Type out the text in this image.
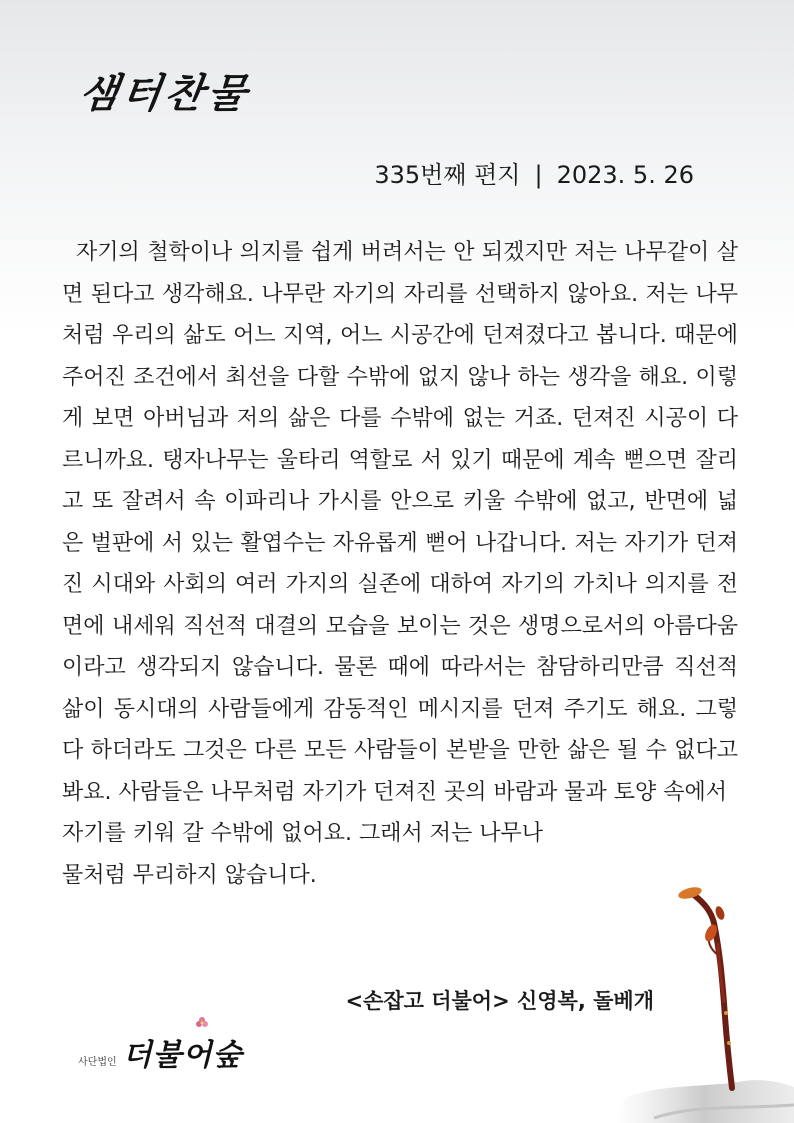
샘터찬물
335번째 편지 | 2023. 5. 26

자기의 철학이나 의지를 쉽게 버려서는 안 되겠지만 저는 나무같이 살면 된다고 생각해요. 나무란 자기의 자리를 선택하지 않아요. 저는 나무처럼 우리의 삶도 어느 지역, 어느 시공간에 던져졌다고 봅니다. 때문에 주어진 조건에서 최선을 다할 수밖에 없지 않나 하는 생각을 해요. 이렇게 보면 아버님과 저의 삶은 다를 수밖에 없는 거죠. 던져진 시공이 다르니까요. 탱자나무는 울타리 역할로 서 있기 때문에 계속 뻗으면 잘리고 또 잘려서 속 이파리나 가시를 안으로 키울 수밖에 없고, 반면에 넓은 벌판에 서 있는 활엽수는 자유롭게 뻗어 나갑니다. 저는 자기가 던져진 시대와 사회의 여러 가지의 실존에 대하여 자기의 가치나 의지를 전면에 내세워 직선적 대결의 모습을 보이는 것은 생명으로서의 아름다움이라고 생각되지 않습니다. 물론 때에 따라서는 참담하리만큼 직선적 삶이 동시대의 사람들에게 감동적인 메시지를 던져 주기도 해요. 그렇다 하더라도 그것은 다른 모든 사람들이 본받을 만한 삶은 될 수 없다고 봐요. 사람들은 나무처럼 자기가 던져진 곳의 바람과 물과 토양 속에서

자기를 키워 갈 수밖에 없어요. 그래서 저는 나무나
물처럼 무리하지 않습니다.
<손잡고 더불어> 신영복, 돌베개
사단법인 더불어숲
